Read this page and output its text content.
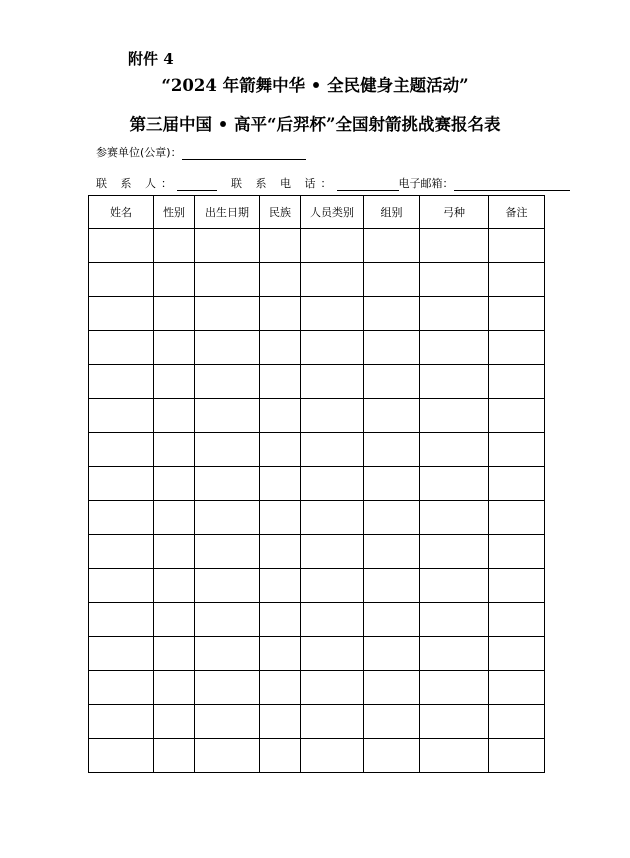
附件 4
“2024 年箭舞中华 • 全民健身主题活动”
第三届中国 • 高平“后羿杯”全国射箭挑战赛报名表
参赛单位(公章)：
联 系 人：	联 系 电 话：	电子邮箱：
姓名	性别	出生日期	民族	人员类别	组别	弓种	备注
